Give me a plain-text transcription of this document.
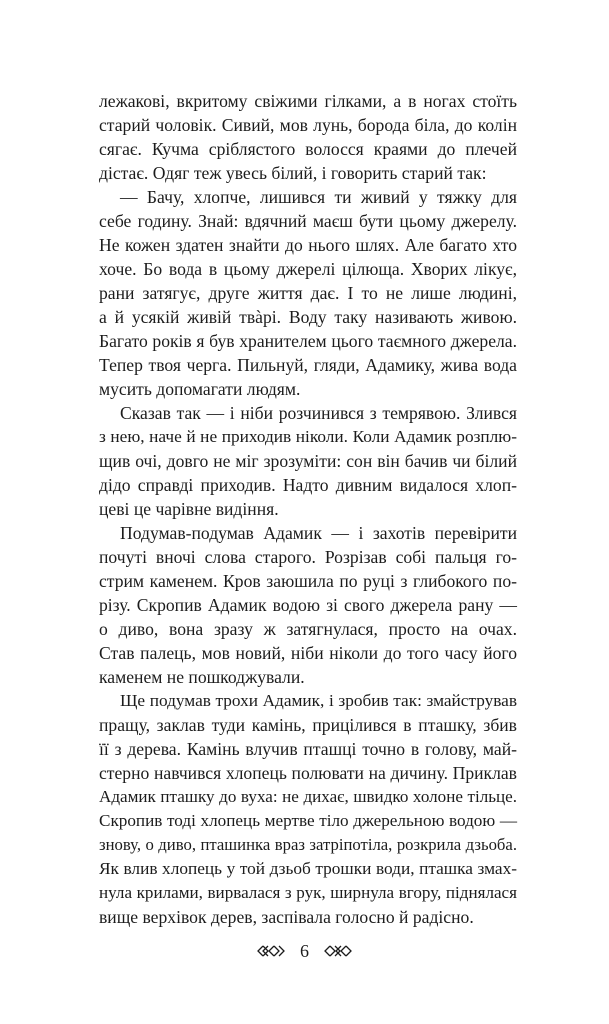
лежакові, вкритому свіжими гілками, а в ногах стоїть
старий чоловік. Сивий, мов лунь, борода біла, до колін
сягає. Кучма сріблястого волосся краями до плечей
дістає. Одяг теж увесь білий, і говорить старий так:
— Бачу, хлопче, лишився ти живий у тяжку для
себе годину. Знай: вдячний маєш бути цьому джерелу.
Не кожен здатен знайти до нього шлях. Але багато хто
хоче. Бо вода в цьому джерелі цілюща. Хворих лікує,
рани затягує, друге життя дає. І то не лише людині,
а й усякій живій твàрі. Воду таку називають живою.
Багато років я був хранителем цього таємного джерела.
Тепер твоя черга. Пильнуй, гляди, Адамику, жива вода
мусить допомагати людям.
Сказав так — і ніби розчинився з темрявою. Злився
з нею, наче й не приходив ніколи. Коли Адамик розплю-
щив очі, довго не міг зрозуміти: сон він бачив чи білий
дідо справді приходив. Надто дивним видалося хлоп-
цеві це чарівне видіння.
Подумав-подумав Адамик — і захотів перевірити
почуті вночі слова старого. Розрізав собі пальця го-
стрим каменем. Кров заюшила по руці з глибокого по-
різу. Скропив Адамик водою зі свого джерела рану —
о диво, вона зразу ж затягнулася, просто на очах.
Став палець, мов новий, ніби ніколи до того часу його
каменем не пошкоджували.
Ще подумав трохи Адамик, і зробив так: змайстрував
пращу, заклав туди камінь, прицілився в пташку, збив
її з дерева. Камінь влучив пташці точно в голову, май-
стерно навчився хлопець полювати на дичину. Приклав
Адамик пташку до вуха: не дихає, швидко холоне тільце.
Скропив тоді хлопець мертве тіло джерельною водою —
знову, о диво, пташинка враз затріпотіла, розкрила дзьоба.
Як влив хлопець у той дзьоб трошки води, пташка змах-
нула крилами, вирвалася з рук, ширнула вгору, піднялася
вище верхівок дерев, заспівала голосно й радісно.
6
